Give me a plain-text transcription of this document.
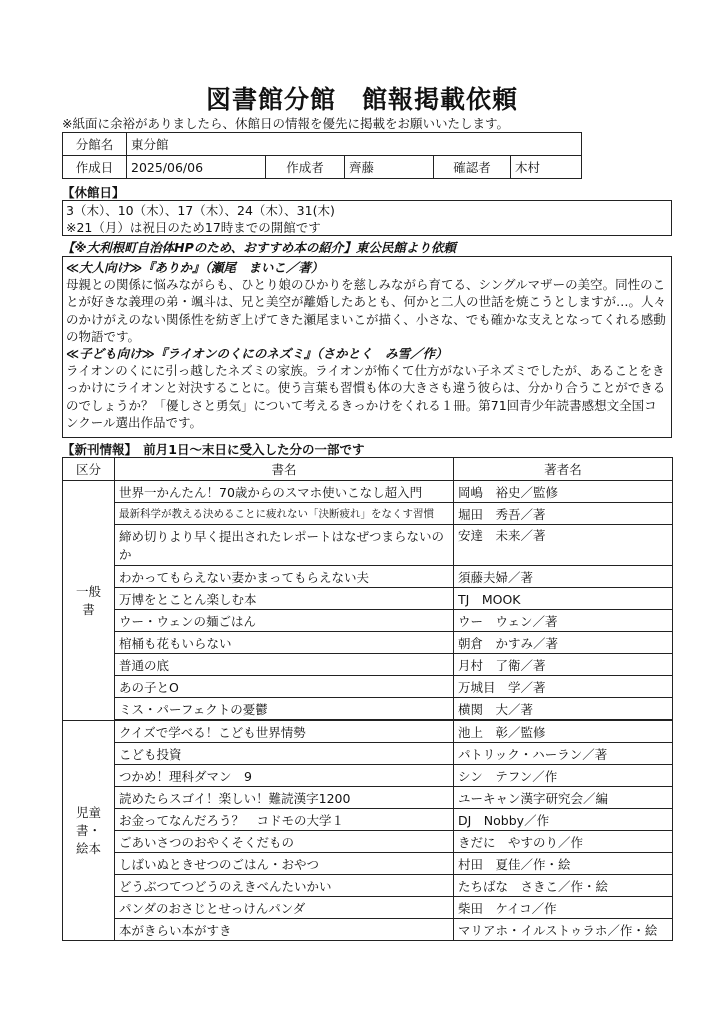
図書館分館　館報掲載依頼
※紙面に余裕がありましたら、休館日の情報を優先に掲載をお願いいたします。
分館名	東分館				
作成日	2025/06/06	作成者	齊藤	確認者	木村
【休館日】
3（木）、10（木）、17（木）、24（木）、31(木)
※21（月）は祝日のため17時までの開館です
【※大利根町自治体HPのため、おすすめ本の紹介】東公民館より依頼
≪大人向け≫『ありか』（瀬尾　まいこ／著）
母親との関係に悩みながらも、ひとり娘のひかりを慈しみながら育てる、シングルマザーの美空。同性のことが好きな義理の弟・颯斗は、兄と美空が離婚したあとも、何かと二人の世話を焼こうとしますが…。人々のかけがえのない関係性を紡ぎ上げてきた瀬尾まいこが描く、小さな、でも確かな支えとなってくれる感動の物語です。
≪子ども向け≫『ライオンのくにのネズミ』（さかとく　み雪／作）
ライオンのくにに引っ越したネズミの家族。ライオンが怖くて仕方がない子ネズミでしたが、あることをきっかけにライオンと対決することに。使う言葉も習慣も体の大きさも違う彼らは、分かり合うことができるのでしょうか？「優しさと勇気」について考えるきっかけをくれる１冊。第71回青少年読書感想文全国コンクール選出作品です。
【新刊情報】　前月1日～末日に受入した分の一部です
区分	書名	著者名
一般書	世界一かんたん！70歳からのスマホ使いこなし超入門	岡嶋　裕史／監修
	最新科学が教える決めることに疲れない「決断疲れ」をなくす習慣	堀田　秀吾／著
	締め切りより早く提出されたレポートはなぜつまらないのか	安達　未来／著
	わかってもらえない妻かまってもらえない夫	須藤夫婦／著
	万博をとことん楽しむ本	TJ　MOOK
	ウー・ウェンの麺ごはん	ウー　ウェン／著
	棺桶も花もいらない	朝倉　かすみ／著
	普通の底	月村　了衛／著
	あの子とO	万城目　学／著
	ミス・パーフェクトの憂鬱	横関　大／著

児童書・絵本	クイズで学べる！こども世界情勢	池上　彰／監修
	こども投資	パトリック・ハーラン／著
	つかめ！理科ダマン　9	シン　テフン／作
	読めたらスゴイ！楽しい！難読漢字1200	ユーキャン漢字研究会／編
	お金ってなんだろう？　コドモの大学１	DJ　Nobby／作
	ごあいさつのおやくそくだもの	きだに　やすのり／作
	しばいぬときせつのごはん・おやつ	村田　夏佳／作・絵
	どうぶつてつどうのえきべんたいかい	たちばな　さきこ／作・絵
	パンダのおさじとせっけんパンダ	柴田　ケイコ／作
	本がきらい本がすき	マリアホ・イルストゥラホ／作・絵
